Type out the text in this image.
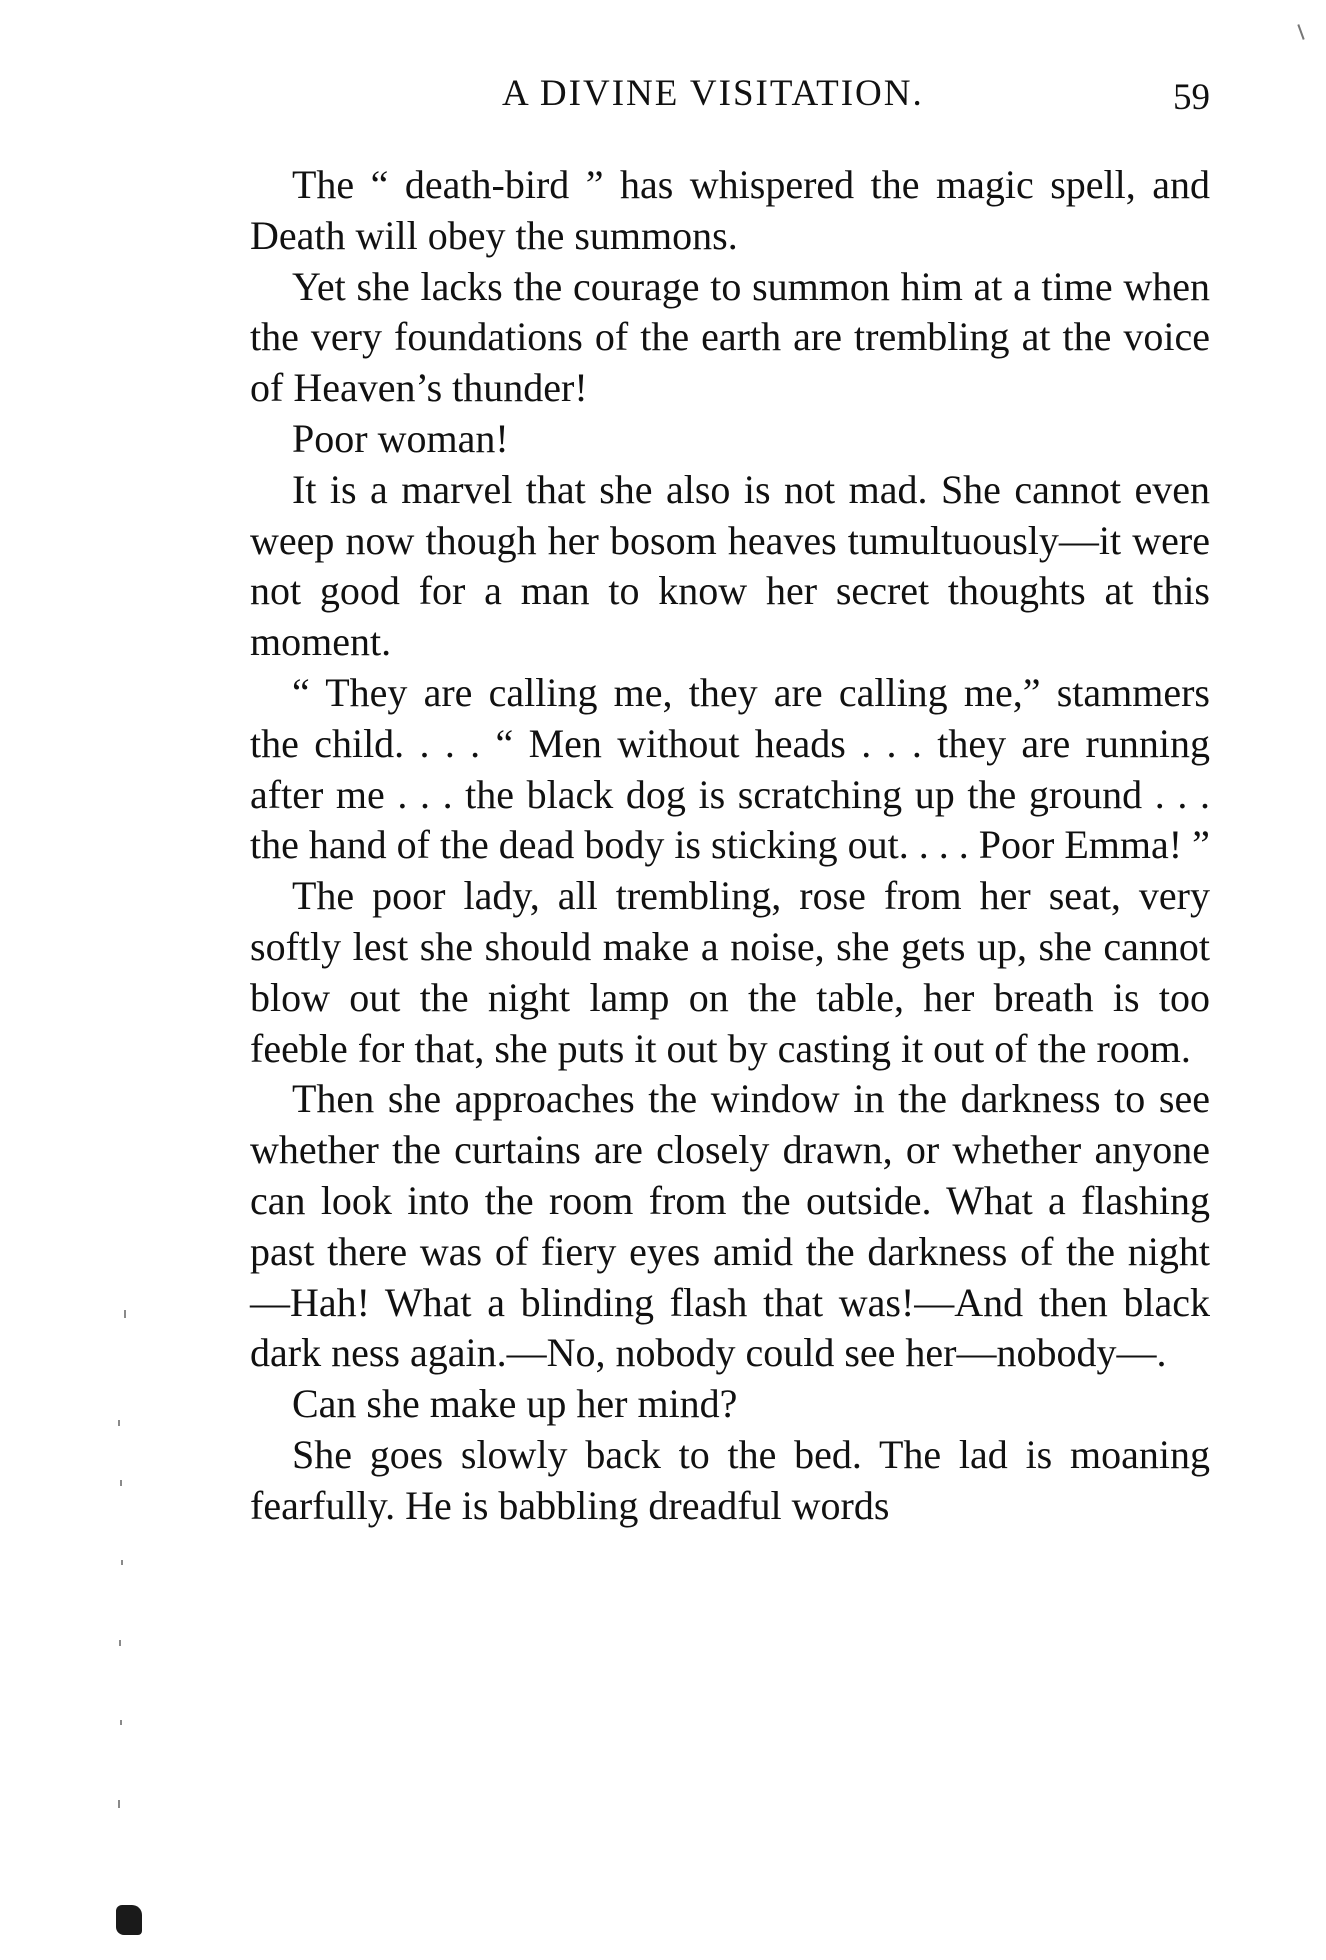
A DIVINE VISITATION.	59

The “ death-bird ” has whispered the magic spell, and Death will obey the summons.

Yet she lacks the courage to summon him at a time when the very foundations of the earth are trembling at the voice of Heaven’s thunder!

Poor woman!

It is a marvel that she also is not mad. She cannot even weep now though her bosom heaves tumultuously—it were not good for a man to know her secret thoughts at this moment.

“ They are calling me, they are calling me,” stammers the child. . . . “ Men without heads . . . they are running after me . . . the black dog is scratching up the ground . . . the hand of the dead body is sticking out. . . . Poor Emma! ”

The poor lady, all trembling, rose from her seat, very softly lest she should make a noise, she gets up, she cannot blow out the night lamp on the table, her breath is too feeble for that, she puts it out by casting it out of the room.

Then she approaches the window in the darkness to see whether the curtains are closely drawn, or whether anyone can look into the room from the outside. What a flashing past there was of fiery eyes amid the darkness of the night—Hah! What a blinding flash that was!—And then black dark ness again.—No, nobody could see her—nobody—.

Can she make up her mind?

She goes slowly back to the bed. The lad is moaning fearfully. He is babbling dreadful words
